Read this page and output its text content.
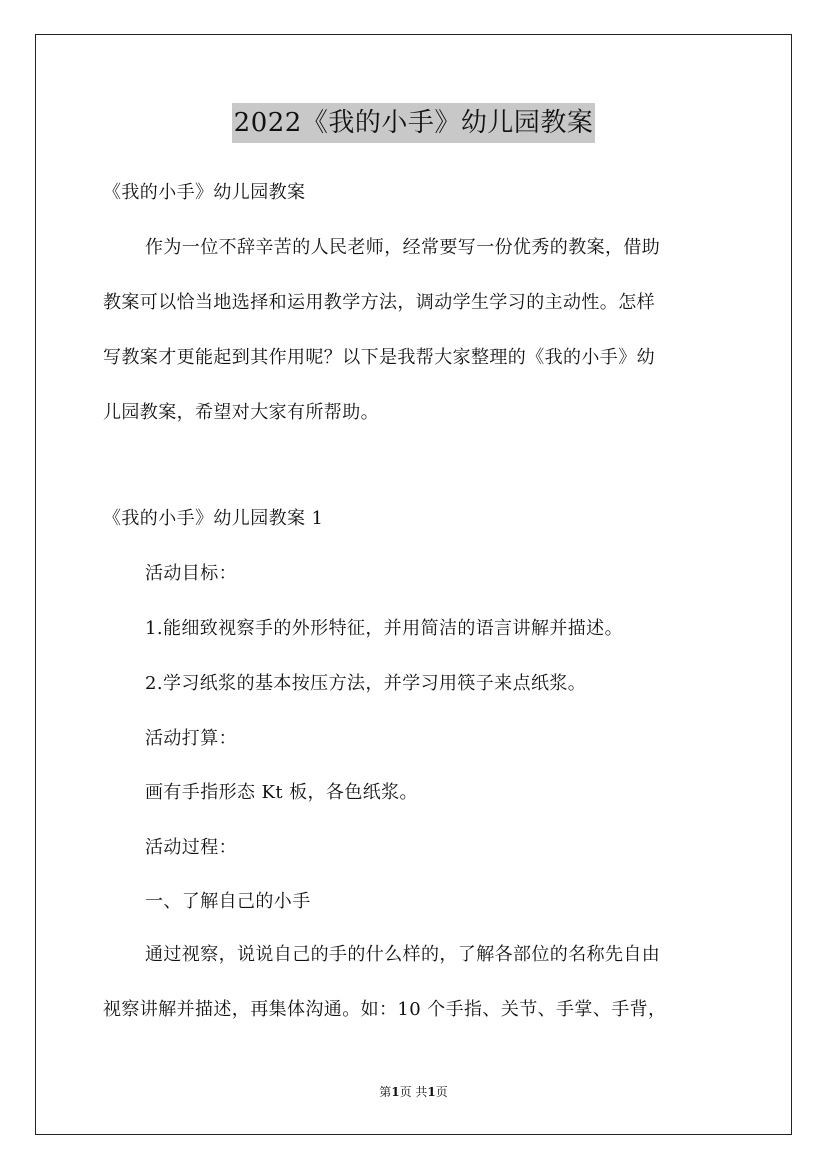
2022《我的小手》幼儿园教案
《我的小手》幼儿园教案
作为一位不辞辛苦的人民老师，经常要写一份优秀的教案，借助
教案可以恰当地选择和运用教学方法，调动学生学习的主动性。怎样
写教案才更能起到其作用呢？以下是我帮大家整理的《我的小手》幼
儿园教案，希望对大家有所帮助。
《我的小手》幼儿园教案 1
活动目标：
1.能细致视察手的外形特征，并用简洁的语言讲解并描述。
2.学习纸浆的基本按压方法，并学习用筷子来点纸浆。
活动打算：
画有手指形态 Kt 板，各色纸浆。
活动过程：
一、了解自己的小手
通过视察，说说自己的手的什么样的，了解各部位的名称先自由
视察讲解并描述，再集体沟通。如：10 个手指、关节、手掌、手背，
第1页 共1页
